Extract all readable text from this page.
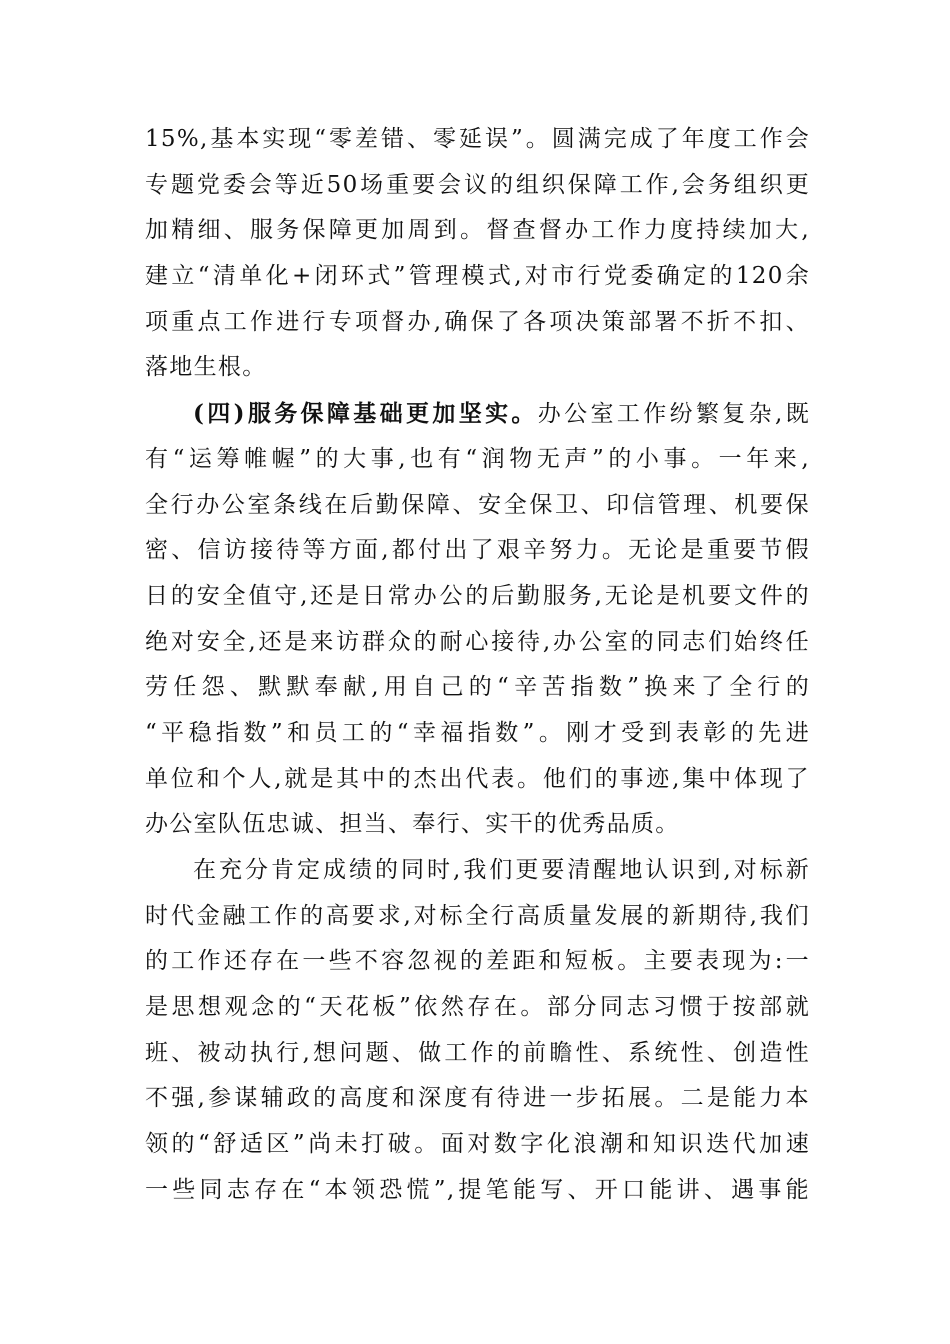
15%,基本实现“零差错、零延误”。圆满完成了年度工作会
专题党委会等近50场重要会议的组织保障工作,会务组织更
加精细、服务保障更加周到。督查督办工作力度持续加大,
建立“清单化+闭环式”管理模式,对市行党委确定的120余
项重点工作进行专项督办,确保了各项决策部署不折不扣、
落地生根。
(四)服务保障基础更加坚实。办公室工作纷繁复杂,既
有“运筹帷幄”的大事,也有“润物无声”的小事。一年来,
全行办公室条线在后勤保障、安全保卫、印信管理、机要保
密、信访接待等方面,都付出了艰辛努力。无论是重要节假
日的安全值守,还是日常办公的后勤服务,无论是机要文件的
绝对安全,还是来访群众的耐心接待,办公室的同志们始终任
劳任怨、默默奉献,用自己的“辛苦指数”换来了全行的
“平稳指数”和员工的“幸福指数”。刚才受到表彰的先进
单位和个人,就是其中的杰出代表。他们的事迹,集中体现了
办公室队伍忠诚、担当、奉行、实干的优秀品质。
在充分肯定成绩的同时,我们更要清醒地认识到,对标新
时代金融工作的高要求,对标全行高质量发展的新期待,我们
的工作还存在一些不容忽视的差距和短板。主要表现为:一
是思想观念的“天花板”依然存在。部分同志习惯于按部就
班、被动执行,想问题、做工作的前瞻性、系统性、创造性
不强,参谋辅政的高度和深度有待进一步拓展。二是能力本
领的“舒适区”尚未打破。面对数字化浪潮和知识迭代加速
一些同志存在“本领恐慌”,提笔能写、开口能讲、遇事能
